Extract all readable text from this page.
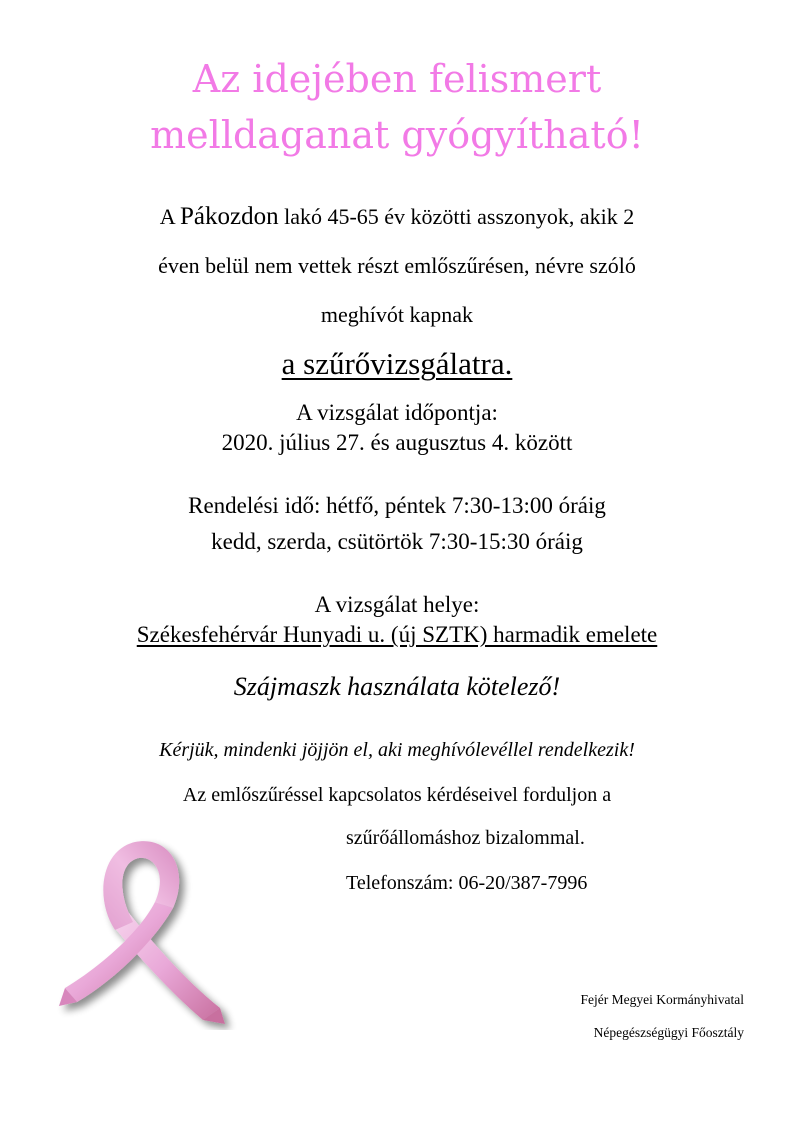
Az idejében felismert
melldaganat gyógyítható!
A Pákozdon lakó 45-65 év közötti asszonyok, akik 2
éven belül nem vettek részt emlőszűrésen, névre szóló
meghívót kapnak
a szűrővizsgálatra.
A vizsgálat időpontja:
2020. július 27. és augusztus 4. között
Rendelési idő: hétfő, péntek 7:30-13:00 óráig
kedd, szerda, csütörtök 7:30-15:30 óráig
A vizsgálat helye:
Székesfehérvár Hunyadi u. (új SZTK) harmadik emelete
Szájmaszk használata kötelező!
Kérjük, mindenki jöjjön el, aki meghívólevéllel rendelkezik!
Az emlőszűréssel kapcsolatos kérdéseivel forduljon a
szűrőállomáshoz bizalommal.
Telefonszám: 06-20/387-7996
Fejér Megyei Kormányhivatal
Népegészségügyi Főosztály
